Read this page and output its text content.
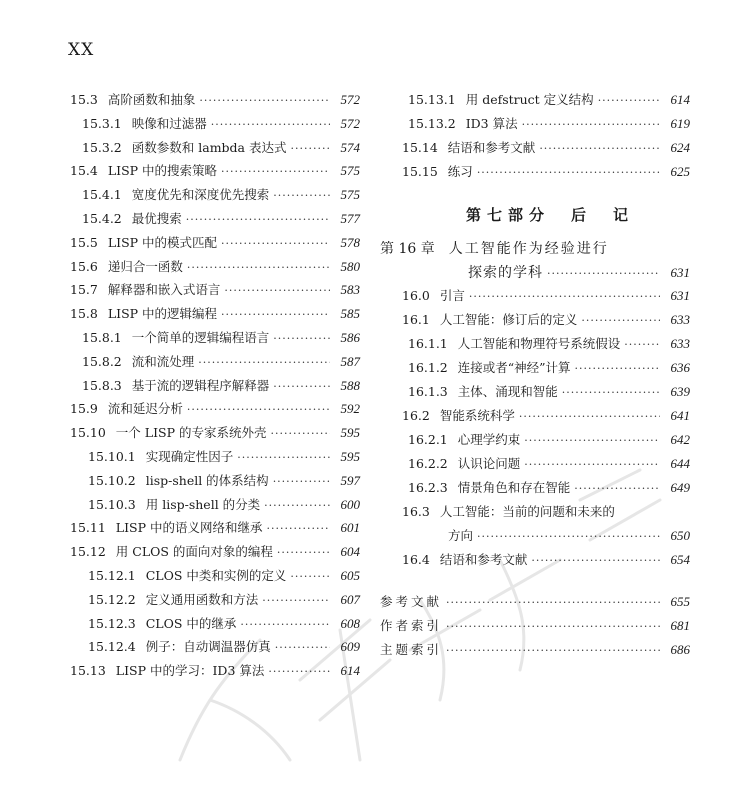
XX
15.3 高阶函数和抽象 ·····	572
15.3.1 映像和过滤器 ·····	572
15.3.2 函数参数和 lambda 表达式 ·····	574
15.4 LISP 中的搜索策略 ·····	575
15.4.1 宽度优先和深度优先搜索 ·····	575
15.4.2 最优搜索 ·····	577
15.5 LISP 中的模式匹配 ·····	578
15.6 递归合一函数 ·····	580
15.7 解释器和嵌入式语言 ·····	583
15.8 LISP 中的逻辑编程 ·····	585
15.8.1 一个简单的逻辑编程语言 ·····	586
15.8.2 流和流处理 ·····	587
15.8.3 基于流的逻辑程序解释器 ·····	588
15.9 流和延迟分析 ·····	592
15.10 一个 LISP 的专家系统外壳 ·····	595
15.10.1 实现确定性因子 ·····	595
15.10.2 lisp-shell 的体系结构 ·····	597
15.10.3 用 lisp-shell 的分类 ·····	600
15.11 LISP 中的语义网络和继承 ·····	601
15.12 用 CLOS 的面向对象的编程 ·····	604
15.12.1 CLOS 中类和实例的定义 ·····	605
15.12.2 定义通用函数和方法 ·····	607
15.12.3 CLOS 中的继承 ·····	608
15.12.4 例子：自动调温器仿真 ·····	609
15.13 LISP 中的学习：ID3 算法 ·····	614
15.13.1 用 defstruct 定义结构 ·····	614
15.13.2 ID3 算法 ·····	619
15.14 结语和参考文献 ·····	624
15.15 练习 ·····	625
第七部分　后　记
第 16 章 人工智能作为经验进行
探索的学科 ·····	631
16.0 引言 ·····	631
16.1 人工智能：修订后的定义 ·····	633
16.1.1 人工智能和物理符号系统假设 ·····	633
16.1.2 连接或者“神经”计算 ·····	636
16.1.3 主体、涌现和智能 ·····	639
16.2 智能系统科学 ·····	641
16.2.1 心理学约束 ·····	642
16.2.2 认识论问题 ·····	644
16.2.3 情景角色和存在智能 ·····	649
16.3 人工智能：当前的问题和未来的
方向 ·····	650
16.4 结语和参考文献 ·····	654
参考文献 ·····	655
作者索引 ·····	681
主题索引 ·····	686
